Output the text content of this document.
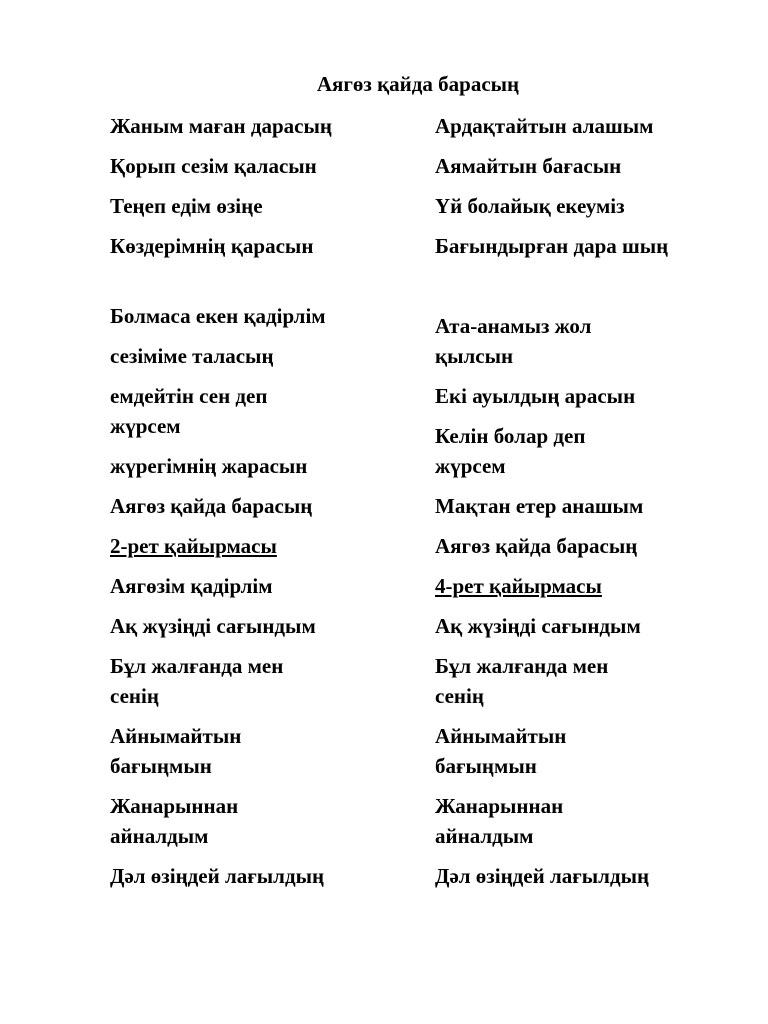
Аягөз қайда барасың
Жаным маған дарасың
Қорып сезім қаласын
Теңеп едім өзіңе
Көздерімнің қарасын
Болмаса екен қадірлім
сезіміме таласың
емдейтін сен деп жүрсем
жүрегімнің жарасын
Аягөз қайда барасың
2-рет қайырмасы
Аягөзім қадірлім
Ақ жүзіңді сағындым
Бұл жалғанда мен сенің
Айнымайтын бағыңмын
Жанарыннан айналдым
Дәл өзіңдей лағылдың
Ардақтайтын алашым
Аямайтын бағасын
Үй болайық екеуміз
Бағындырған дара шың
Ата-анамыз жол қылсын
Екі ауылдың арасын
Келін болар деп жүрсем
Мақтан етер анашым
Аягөз қайда барасың
4-рет қайырмасы
Ақ жүзіңді сағындым
Бұл жалғанда мен сенің
Айнымайтын бағыңмын
Жанарыннан айналдым
Дәл өзіңдей лағылдың
